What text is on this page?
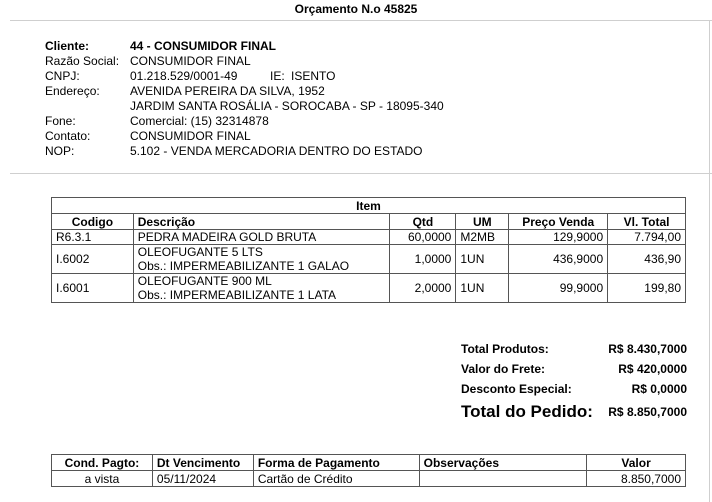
Orçamento N.o 45825
Cliente:	44 - CONSUMIDOR FINAL
Razão Social: CONSUMIDOR FINAL
CNPJ:	01.218.529/0001-49	IE: ISENTO
Endereço:	AVENIDA PEREIRA DA SILVA, 1952
JARDIM SANTA ROSÁLIA - SOROCABA - SP - 18095-340
Fone:	Comercial: (15) 32314878
Contato:	CONSUMIDOR FINAL
NOP:	5.102 - VENDA MERCADORIA DENTRO DO ESTADO
Item					
Codigo	Descrição	Qtd	UM	Preço Venda	Vl. Total
R6.3.1	PEDRA MADEIRA GOLD BRUTA	60,0000	M2MB	129,9000	7.794,00
I.6002	OLEOFUGANTE 5 LTS
Obs.: IMPERMEABILIZANTE 1 GALAO	1,0000	1UN	436,9000	436,90
I.6001	OLEOFUGANTE 900 ML
Obs.: IMPERMEABILIZANTE 1 LATA	2,0000	1UN	99,9000	199,80
Total Produtos:	R$ 8.430,7000
Valor do Frete:	R$ 420,0000
Desconto Especial:	R$ 0,0000
Total do Pedido: R$ 8.850,7000
Cond. Pagto:	Dt Vencimento	Forma de Pagamento	Observações	Valor
a vista	05/11/2024	Cartão de Crédito		8.850,7000
